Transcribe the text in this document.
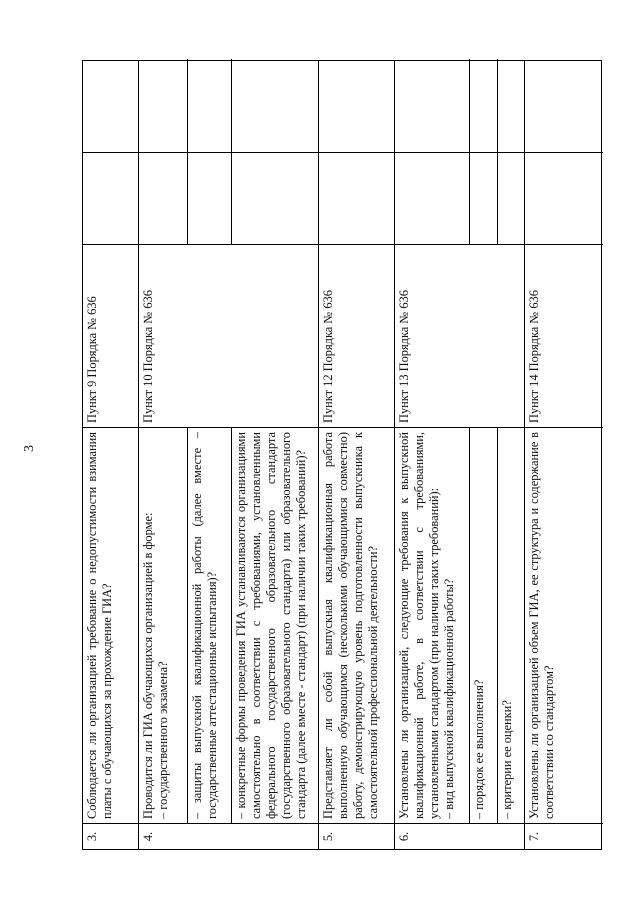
3
3.
Соблюдается ли организацией требование о недопустимости взимания платы с обучающихся за прохождение ГИА?
Пункт 9 Порядка № 636
4.
Проводится ли ГИА обучающихся организацией в форме: – государственного экзамена? – защиты выпускной квалификационной работы (далее вместе – государственные аттестационные испытания)?	– конкретные формы проведения ГИА устанавливаются организациями самостоятельно в соответствии с требованиями, установленными федерального государственного образовательного стандарта (государственного образовательного стандарта) или образовательного стандарта (далее вместе - стандарт) (при наличии таких требований)?
Пункт 10 Порядка № 636
5.
Представляет ли собой выпускная квалификационная работа выполненную обучающимся (несколькими обучающимися совместно) работу, демонстрирующую уровень подготовленности выпускника к самостоятельной профессиональной деятельности?
Пункт 12 Порядка № 636
6.
Установлены ли организацией, следующие требования к выпускной квалификационной работе, в соответствии с требованиями, установленными стандартом (при наличии таких требований): – вид выпускной квалификационной работы? – порядок ее выполнения?	– критерии ее оценки?
Пункт 13 Порядка № 636
7.
Установлены ли организацией объем ГИА, ее структура и содержание в соответствии со стандартом?
Пункт 14 Порядка № 636
